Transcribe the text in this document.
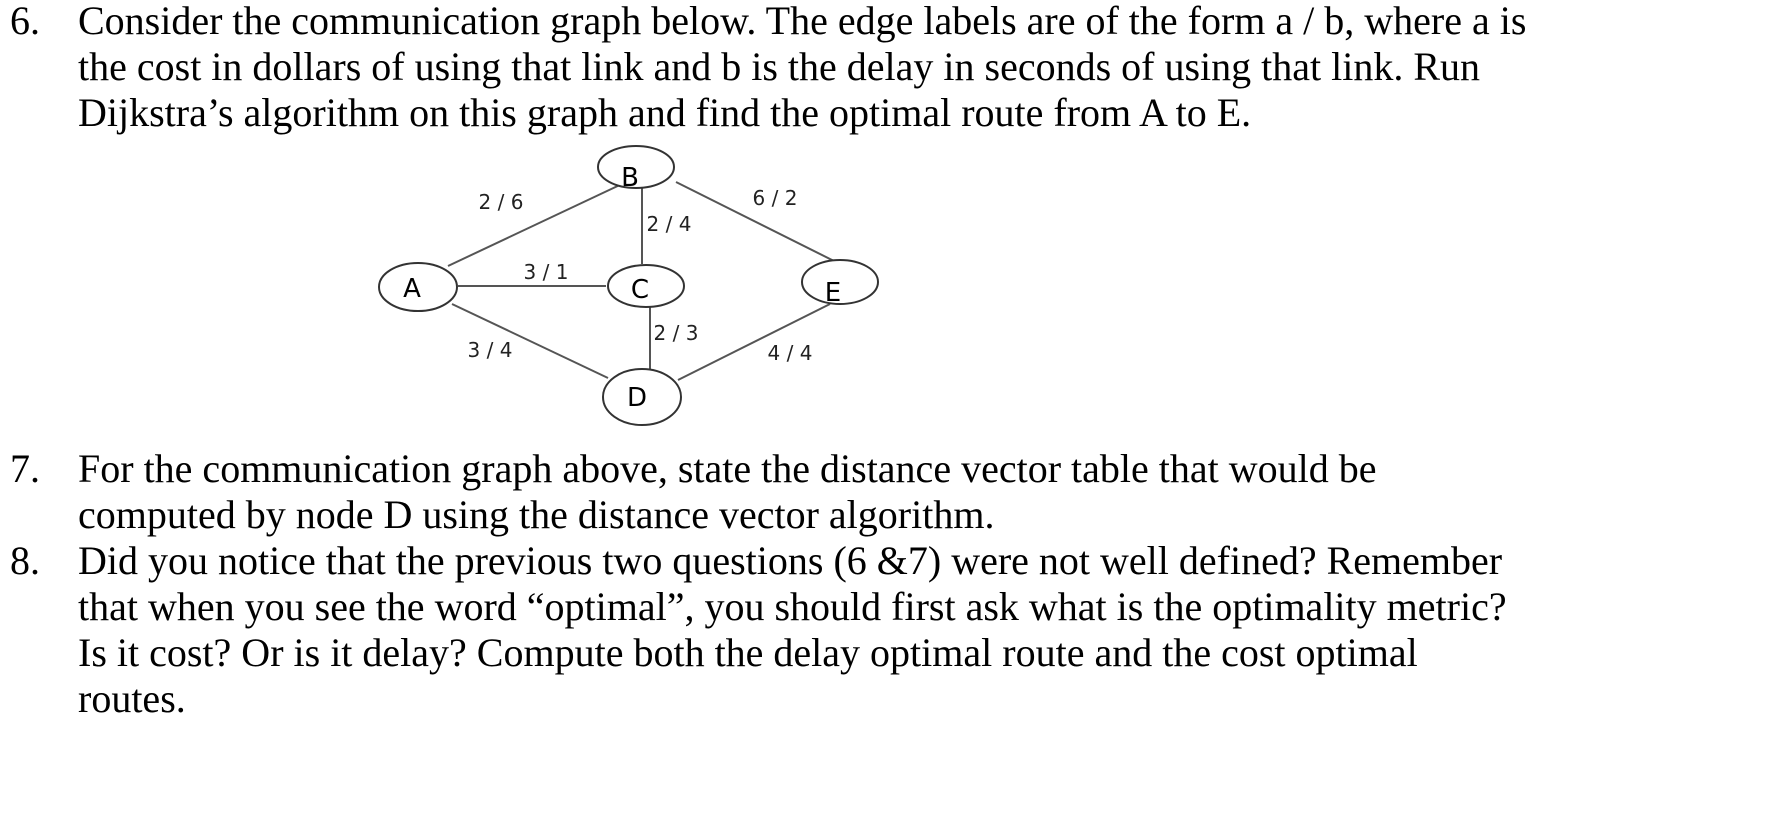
6. Consider the communication graph below. The edge labels are of the form a / b, where a is
the cost in dollars of using that link and b is the delay in seconds of using that link. Run
Dijkstra’s algorithm on this graph and find the optimal route from A to E.
A
B
C
D
E
2 / 6
3 / 1
3 / 4
2 / 4
6 / 2
2 / 3
4 / 4
7. For the communication graph above, state the distance vector table that would be
computed by node D using the distance vector algorithm.
8. Did you notice that the previous two questions (6 &7) were not well defined? Remember
that when you see the word “optimal”, you should first ask what is the optimality metric?
Is it cost? Or is it delay? Compute both the delay optimal route and the cost optimal
routes.
